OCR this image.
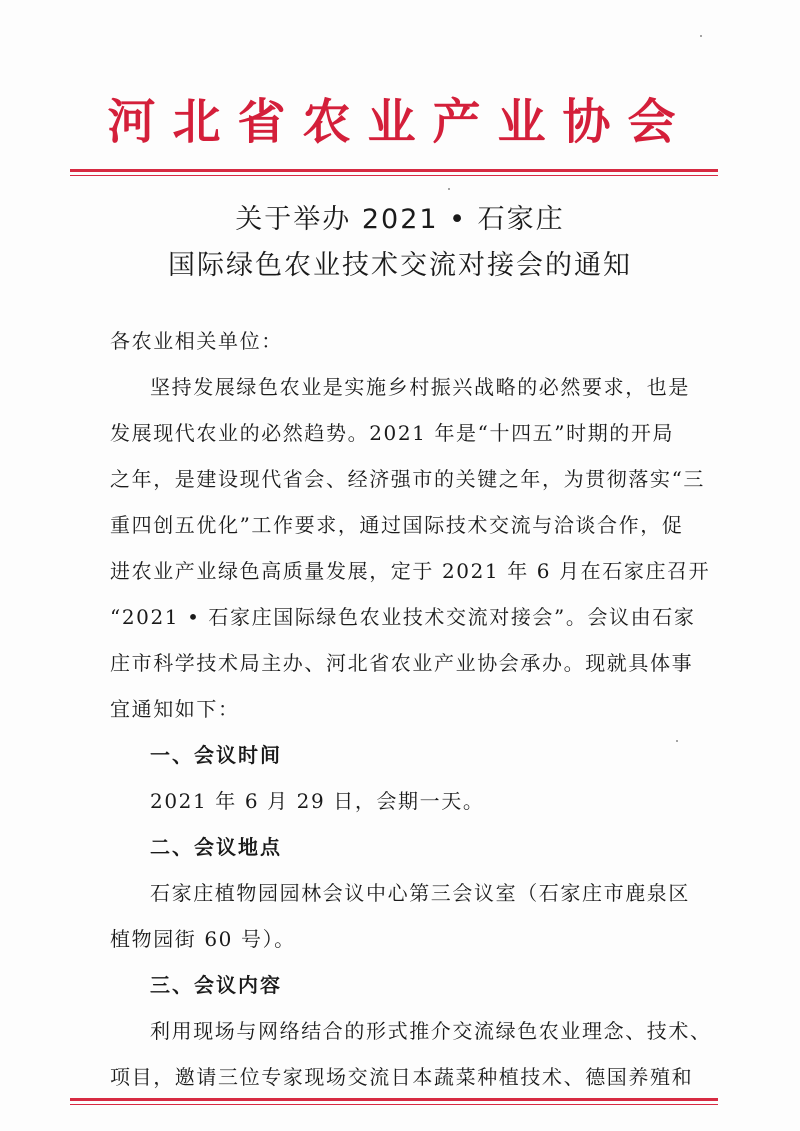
河北省农业产业协会
关于举办 2021 • 石家庄
国际绿色农业技术交流对接会的通知
各农业相关单位：
坚持发展绿色农业是实施乡村振兴战略的必然要求，也是
发展现代农业的必然趋势。2021 年是“十四五”时期的开局
之年，是建设现代省会、经济强市的关键之年，为贯彻落实“三
重四创五优化”工作要求，通过国际技术交流与洽谈合作，促
进农业产业绿色高质量发展，定于 2021 年 6 月在石家庄召开
“2021 • 石家庄国际绿色农业技术交流对接会”。会议由石家
庄市科学技术局主办、河北省农业产业协会承办。现就具体事
宜通知如下：
一、会议时间
2021 年 6 月 29 日，会期一天。
二、会议地点
石家庄植物园园林会议中心第三会议室（石家庄市鹿泉区
植物园街 60 号）。
三、会议内容
利用现场与网络结合的形式推介交流绿色农业理念、技术、
项目，邀请三位专家现场交流日本蔬菜种植技术、德国养殖和
